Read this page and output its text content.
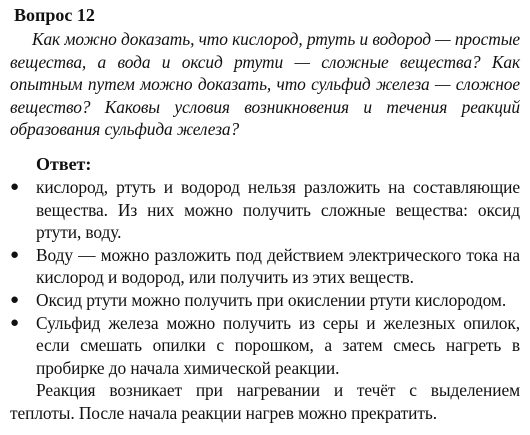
Вопрос 12

Как можно доказать, что кислород, ртуть и водород — простые вещества, а вода и оксид ртути — сложные вещества? Как опытным путем можно доказать, что сульфид железа — сложное вещество? Каковы условия возникновения и течения реакций образования сульфида железа?

Ответ:
● кислород, ртуть и водород нельзя разложить на составляющие вещества. Из них можно получить сложные вещества: оксид ртути, воду.
● Воду — можно разложить под действием электрического тока на кислород и водород, или получить из этих веществ.
● Оксид ртути можно получить при окислении ртути кислородом.
● Сульфид железа можно получить из серы и железных опилок, если смешать опилки с порошком, а затем смесь нагреть в пробирке до начала химической реакции.

Реакция возникает при нагревании и течёт с выделением теплоты. После начала реакции нагрев можно прекратить.
